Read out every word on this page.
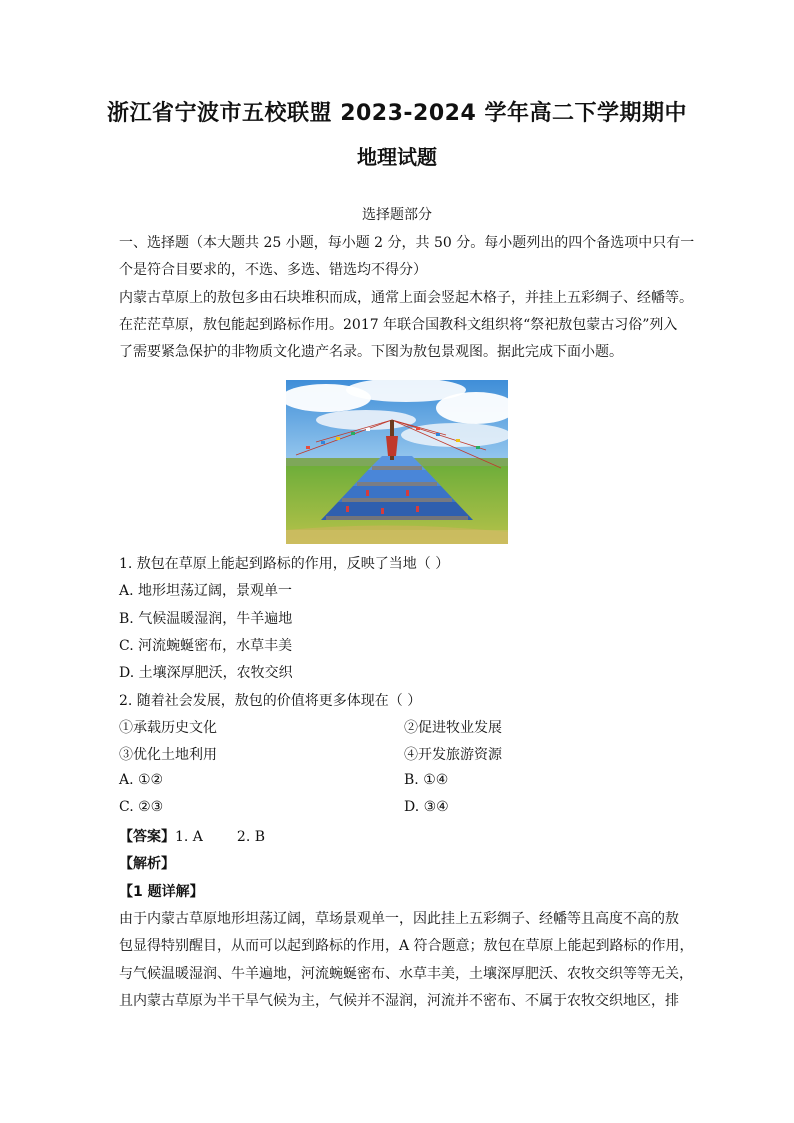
浙江省宁波市五校联盟 2023-2024 学年高二下学期期中
地理试题
选择题部分
一、选择题（本大题共 25 小题，每小题 2 分，共 50 分。每小题列出的四个备选项中只有一
个是符合目要求的，不选、多选、错选均不得分）
内蒙古草原上的敖包多由石块堆积而成，通常上面会竖起木格子，并挂上五彩绸子、经幡等。
在茫茫草原，敖包能起到路标作用。2017 年联合国教科文组织将“祭祀敖包蒙古习俗”列入
了需要紧急保护的非物质文化遗产名录。下图为敖包景观图。据此完成下面小题。
1. 敖包在草原上能起到路标的作用，反映了当地（ ）
A. 地形坦荡辽阔，景观单一
B. 气候温暖湿润，牛羊遍地
C. 河流蜿蜒密布，水草丰美
D. 土壤深厚肥沃，农牧交织
2. 随着社会发展，敖包的价值将更多体现在（ ）
①承载历史文化	②促进牧业发展
③优化土地利用	④开发旅游资源
A. ①②	B. ①④
C. ②③	D. ③④
【答案】1. A 2. B
【解析】
【1 题详解】
由于内蒙古草原地形坦荡辽阔，草场景观单一，因此挂上五彩绸子、经幡等且高度不高的敖
包显得特别醒目，从而可以起到路标的作用，A 符合题意；敖包在草原上能起到路标的作用，
与气候温暖湿润、牛羊遍地，河流蜿蜒密布、水草丰美，土壤深厚肥沃、农牧交织等等无关，
且内蒙古草原为半干旱气候为主，气候并不湿润，河流并不密布、不属于农牧交织地区，排
